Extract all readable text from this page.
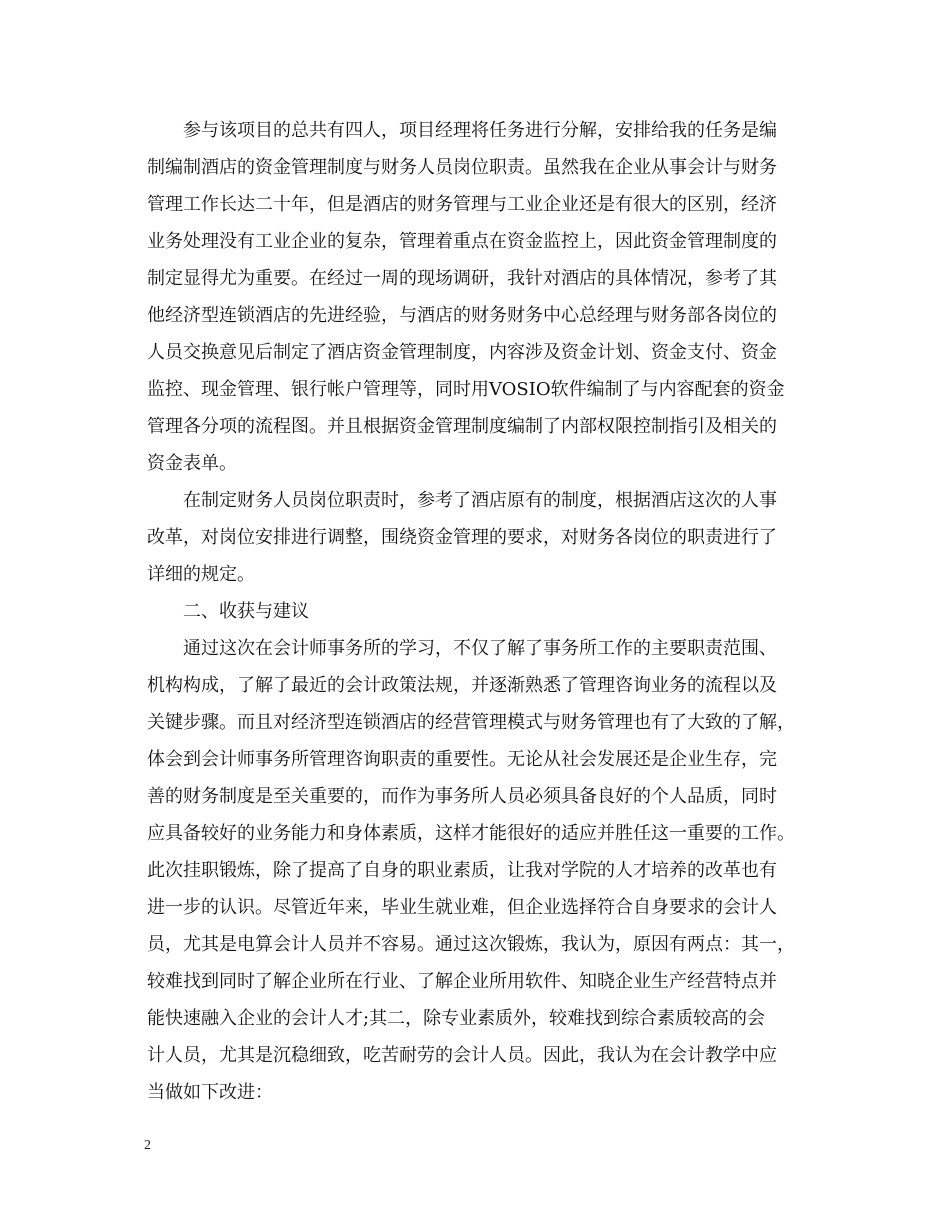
参与该项目的总共有四人，项目经理将任务进行分解，安排给我的任务是编

制编制酒店的资金管理制度与财务人员岗位职责。虽然我在企业从事会计与财务

管理工作长达二十年，但是酒店的财务管理与工业企业还是有很大的区别，经济

业务处理没有工业企业的复杂，管理着重点在资金监控上，因此资金管理制度的

制定显得尤为重要。在经过一周的现场调研，我针对酒店的具体情况，参考了其

他经济型连锁酒店的先进经验，与酒店的财务财务中心总经理与财务部各岗位的

人员交换意见后制定了酒店资金管理制度，内容涉及资金计划、资金支付、资金

监控、现金管理、银行帐户管理等，同时用VOSIO软件编制了与内容配套的资金

管理各分项的流程图。并且根据资金管理制度编制了内部权限控制指引及相关的

资金表单。

在制定财务人员岗位职责时，参考了酒店原有的制度，根据酒店这次的人事

改革，对岗位安排进行调整，围绕资金管理的要求，对财务各岗位的职责进行了

详细的规定。

二、收获与建议

通过这次在会计师事务所的学习，不仅了解了事务所工作的主要职责范围、

机构构成，了解了最近的会计政策法规，并逐渐熟悉了管理咨询业务的流程以及

关键步骤。而且对经济型连锁酒店的经营管理模式与财务管理也有了大致的了解，

体会到会计师事务所管理咨询职责的重要性。无论从社会发展还是企业生存，完

善的财务制度是至关重要的，而作为事务所人员必须具备良好的个人品质，同时

应具备较好的业务能力和身体素质，这样才能很好的适应并胜任这一重要的工作。

此次挂职锻炼，除了提高了自身的职业素质，让我对学院的人才培养的改革也有

进一步的认识。尽管近年来，毕业生就业难，但企业选择符合自身要求的会计人

员，尤其是电算会计人员并不容易。通过这次锻炼，我认为，原因有两点：其一，

较难找到同时了解企业所在行业、了解企业所用软件、知晓企业生产经营特点并

能快速融入企业的会计人才;其二，除专业素质外，较难找到综合素质较高的会

计人员，尤其是沉稳细致，吃苦耐劳的会计人员。因此，我认为在会计教学中应

当做如下改进：

2
